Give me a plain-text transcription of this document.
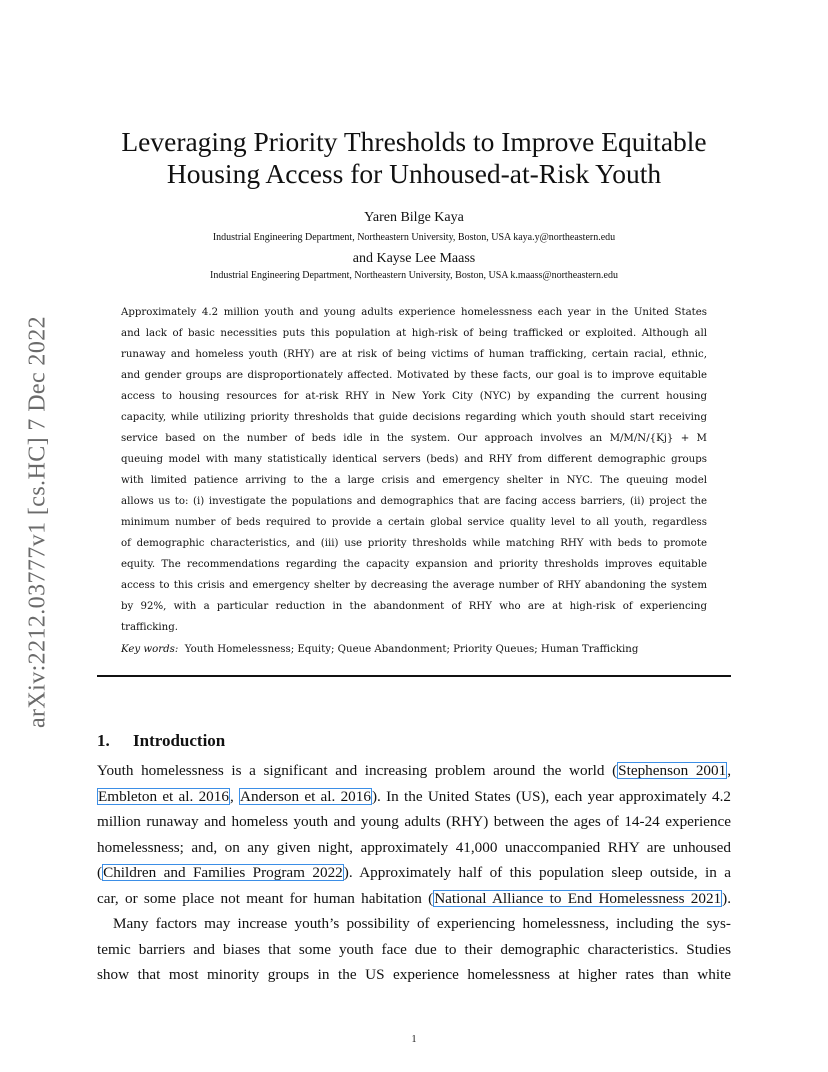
arXiv:2212.03777v1 [cs.HC] 7 Dec 2022
Leveraging Priority Thresholds to Improve Equitable
Housing Access for Unhoused-at-Risk Youth
Yaren Bilge Kaya
Industrial Engineering Department, Northeastern University, Boston, USA kaya.y@northeastern.edu
and Kayse Lee Maass
Industrial Engineering Department, Northeastern University, Boston, USA k.maass@northeastern.edu
Approximately 4.2 million youth and young adults experience homelessness each year in the United States
and lack of basic necessities puts this population at high-risk of being trafficked or exploited. Although all
runaway and homeless youth (RHY) are at risk of being victims of human trafficking, certain racial, ethnic,
and gender groups are disproportionately affected. Motivated by these facts, our goal is to improve equitable
access to housing resources for at-risk RHY in New York City (NYC) by expanding the current housing
capacity, while utilizing priority thresholds that guide decisions regarding which youth should start receiving
service based on the number of beds idle in the system. Our approach involves an M/M/N/{Kj} + M
queuing model with many statistically identical servers (beds) and RHY from different demographic groups
with limited patience arriving to the a large crisis and emergency shelter in NYC. The queuing model
allows us to: (i) investigate the populations and demographics that are facing access barriers, (ii) project the
minimum number of beds required to provide a certain global service quality level to all youth, regardless
of demographic characteristics, and (iii) use priority thresholds while matching RHY with beds to promote
equity. The recommendations regarding the capacity expansion and priority thresholds improves equitable
access to this crisis and emergency shelter by decreasing the average number of RHY abandoning the system
by 92%, with a particular reduction in the abandonment of RHY who are at high-risk of experiencing
trafficking.
Key words: Youth Homelessness; Equity; Queue Abandonment; Priority Queues; Human Trafficking
1. Introduction
Youth homelessness is a significant and increasing problem around the world (Stephenson 2001,
Embleton et al. 2016, Anderson et al. 2016). In the United States (US), each year approximately 4.2
million runaway and homeless youth and young adults (RHY) between the ages of 14-24 experience
homelessness; and, on any given night, approximately 41,000 unaccompanied RHY are unhoused
(Children and Families Program 2022). Approximately half of this population sleep outside, in a
car, or some place not meant for human habitation (National Alliance to End Homelessness 2021).
Many factors may increase youth’s possibility of experiencing homelessness, including the sys-
temic barriers and biases that some youth face due to their demographic characteristics. Studies
show that most minority groups in the US experience homelessness at higher rates than white
1
